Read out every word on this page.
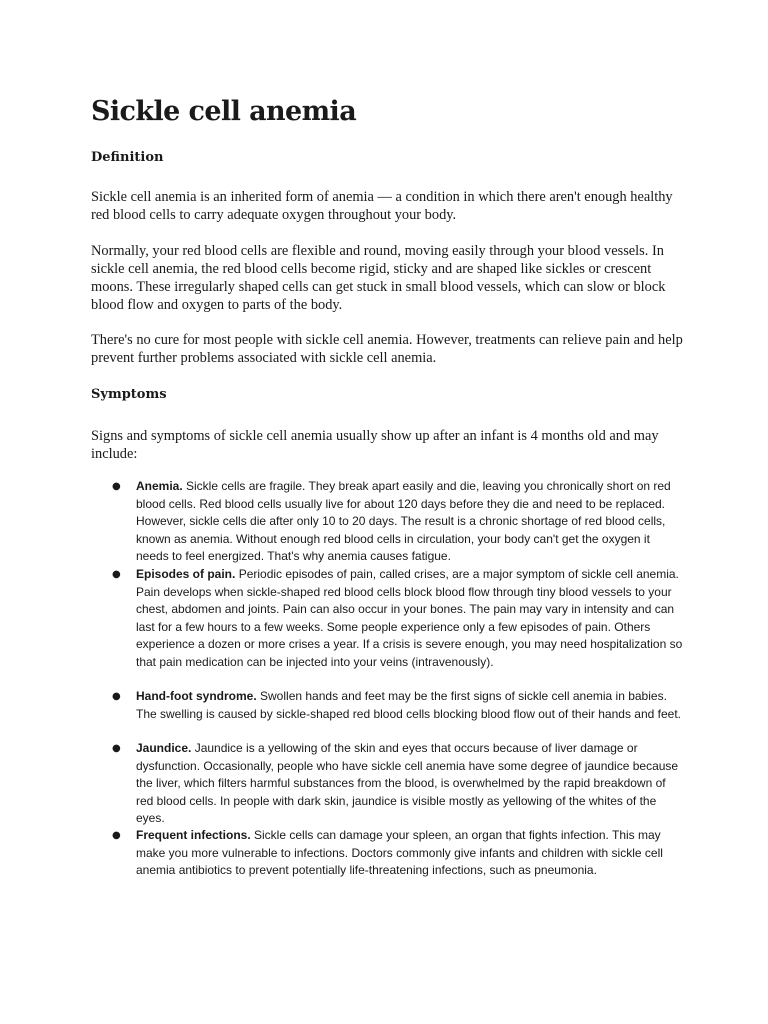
Sickle cell anemia
Definition

Sickle cell anemia is an inherited form of anemia — a condition in which there aren't enough healthy red blood cells to carry adequate oxygen throughout your body.

Normally, your red blood cells are flexible and round, moving easily through your blood vessels. In sickle cell anemia, the red blood cells become rigid, sticky and are shaped like sickles or crescent moons. These irregularly shaped cells can get stuck in small blood vessels, which can slow or block blood flow and oxygen to parts of the body.

There's no cure for most people with sickle cell anemia. However, treatments can relieve pain and help prevent further problems associated with sickle cell anemia.

Symptoms

Signs and symptoms of sickle cell anemia usually show up after an infant is 4 months old and may include:

● Anemia. Sickle cells are fragile. They break apart easily and die, leaving you chronically short on red blood cells. Red blood cells usually live for about 120 days before they die and need to be replaced. However, sickle cells die after only 10 to 20 days. The result is a chronic shortage of red blood cells, known as anemia. Without enough red blood cells in circulation, your body can't get the oxygen it needs to feel energized. That's why anemia causes fatigue.
● Episodes of pain. Periodic episodes of pain, called crises, are a major symptom of sickle cell anemia. Pain develops when sickle-shaped red blood cells block blood flow through tiny blood vessels to your chest, abdomen and joints. Pain can also occur in your bones. The pain may vary in intensity and can last for a few hours to a few weeks. Some people experience only a few episodes of pain. Others experience a dozen or more crises a year. If a crisis is severe enough, you may need hospitalization so that pain medication can be injected into your veins (intravenously).
● Hand-foot syndrome. Swollen hands and feet may be the first signs of sickle cell anemia in babies. The swelling is caused by sickle-shaped red blood cells blocking blood flow out of their hands and feet.
● Jaundice. Jaundice is a yellowing of the skin and eyes that occurs because of liver damage or dysfunction. Occasionally, people who have sickle cell anemia have some degree of jaundice because the liver, which filters harmful substances from the blood, is overwhelmed by the rapid breakdown of red blood cells. In people with dark skin, jaundice is visible mostly as yellowing of the whites of the eyes.
● Frequent infections. Sickle cells can damage your spleen, an organ that fights infection. This may make you more vulnerable to infections. Doctors commonly give infants and children with sickle cell anemia antibiotics to prevent potentially life-threatening infections, such as pneumonia.
